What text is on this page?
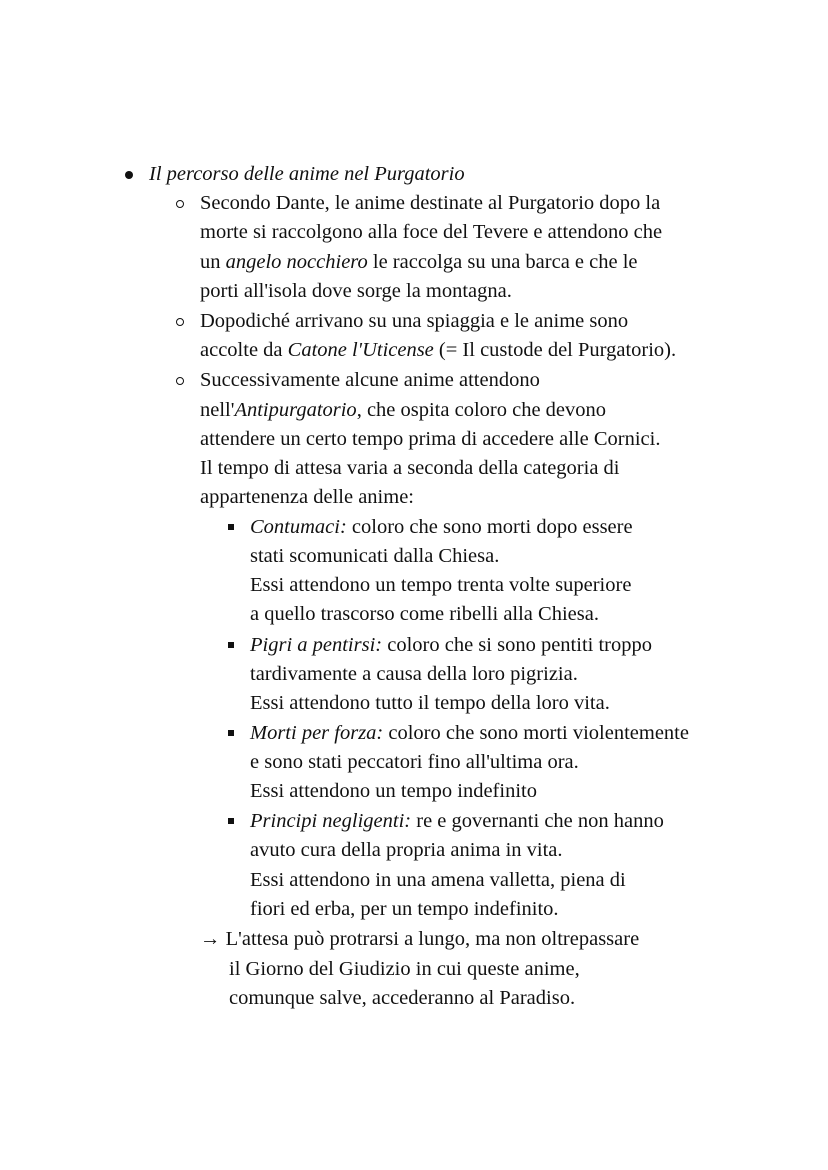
Il percorso delle anime nel Purgatorio
Secondo Dante, le anime destinate al Purgatorio dopo la
morte si raccolgono alla foce del Tevere e attendono che
un angelo nocchiero le raccolga su una barca e che le
porti all'isola dove sorge la montagna.
Dopodiché arrivano su una spiaggia e le anime sono
accolte da Catone l'Uticense (= Il custode del Purgatorio).
Successivamente alcune anime attendono
nell'Antipurgatorio, che ospita coloro che devono
attendere un certo tempo prima di accedere alle Cornici.
Il tempo di attesa varia a seconda della categoria di
appartenenza delle anime:
Contumaci: coloro che sono morti dopo essere
stati scomunicati dalla Chiesa.
Essi attendono un tempo trenta volte superiore
a quello trascorso come ribelli alla Chiesa.
Pigri a pentirsi: coloro che si sono pentiti troppo
tardivamente a causa della loro pigrizia.
Essi attendono tutto il tempo della loro vita.
Morti per forza: coloro che sono morti violentemente
e sono stati peccatori fino all'ultima ora.
Essi attendono un tempo indefinito
Principi negligenti: re e governanti che non hanno
avuto cura della propria anima in vita.
Essi attendono in una amena valletta, piena di
fiori ed erba, per un tempo indefinito.
→ L'attesa può protrarsi a lungo, ma non oltrepassare
il Giorno del Giudizio in cui queste anime,
comunque salve, accederanno al Paradiso.
